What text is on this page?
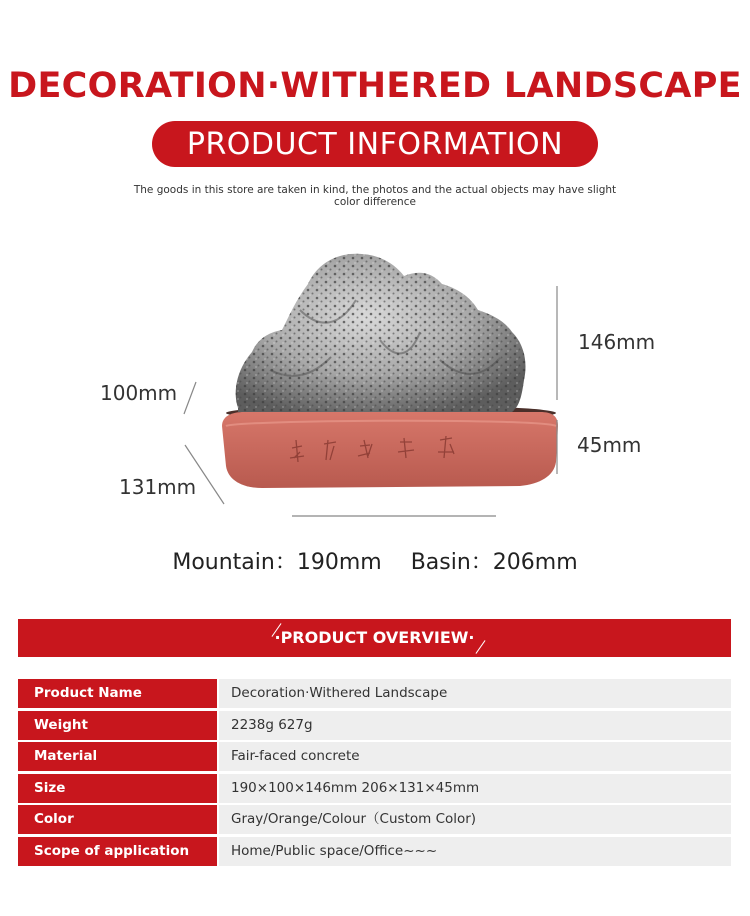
DECORATION·WITHERED LANDSCAPE
PRODUCT INFORMATION
The goods in this store are taken in kind, the photos and the actual objects may have slight
color difference
100mm
131mm
146mm
45mm
Mountain：190mm Basin：206mm
·PRODUCT OVERVIEW·
Product Name	Decoration·Withered Landscape
Weight	2238g 627g
Material	Fair-faced concrete
Size	190×100×146mm 206×131×45mm
Color	Gray/Orange/Colour（Custom Color)
Scope of application	Home/Public space/Office~~~
